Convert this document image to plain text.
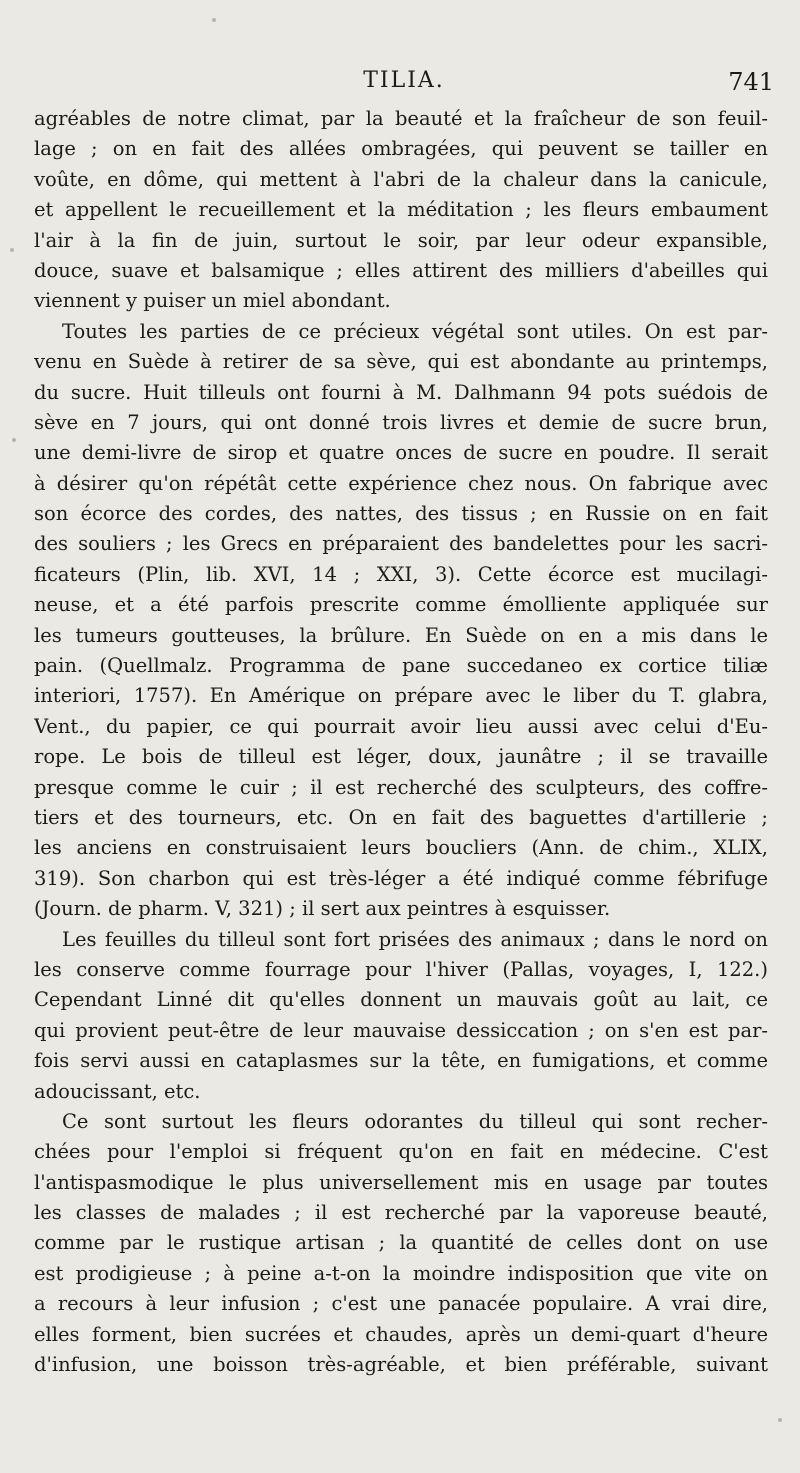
TILIA.	741
agréables de notre climat, par la beauté et la fraîcheur de son feuil-
lage ; on en fait des allées ombragées, qui peuvent se tailler en
voûte, en dôme, qui mettent à l'abri de la chaleur dans la canicule,
et appellent le recueillement et la méditation ; les fleurs embaument
l'air à la fin de juin, surtout le soir, par leur odeur expansible,
douce, suave et balsamique ; elles attirent des milliers d'abeilles qui
viennent y puiser un miel abondant.
Toutes les parties de ce précieux végétal sont utiles. On est par-
venu en Suède à retirer de sa sève, qui est abondante au printemps,
du sucre. Huit tilleuls ont fourni à M. Dalhmann 94 pots suédois de
sève en 7 jours, qui ont donné trois livres et demie de sucre brun,
une demi-livre de sirop et quatre onces de sucre en poudre. Il serait
à désirer qu'on répétât cette expérience chez nous. On fabrique avec
son écorce des cordes, des nattes, des tissus ; en Russie on en fait
des souliers ; les Grecs en préparaient des bandelettes pour les sacri-
ficateurs (Plin, lib. XVI, 14 ; XXI, 3). Cette écorce est mucilagi-
neuse, et a été parfois prescrite comme émolliente appliquée sur
les tumeurs goutteuses, la brûlure. En Suède on en a mis dans le
pain. (Quellmalz. Programma de pane succedaneo ex cortice tiliæ
interiori, 1757). En Amérique on prépare avec le liber du T. glabra,
Vent., du papier, ce qui pourrait avoir lieu aussi avec celui d'Eu-
rope. Le bois de tilleul est léger, doux, jaunâtre ; il se travaille
presque comme le cuir ; il est recherché des sculpteurs, des coffre-
tiers et des tourneurs, etc. On en fait des baguettes d'artillerie ;
les anciens en construisaient leurs boucliers (Ann. de chim., XLIX,
319). Son charbon qui est très-léger a été indiqué comme fébrifuge
(Journ. de pharm. V, 321) ; il sert aux peintres à esquisser.
Les feuilles du tilleul sont fort prisées des animaux ; dans le nord on
les conserve comme fourrage pour l'hiver (Pallas, voyages, I, 122.)
Cependant Linné dit qu'elles donnent un mauvais goût au lait, ce
qui provient peut-être de leur mauvaise dessiccation ; on s'en est par-
fois servi aussi en cataplasmes sur la tête, en fumigations, et comme
adoucissant, etc.
Ce sont surtout les fleurs odorantes du tilleul qui sont recher-
chées pour l'emploi si fréquent qu'on en fait en médecine. C'est
l'antispasmodique le plus universellement mis en usage par toutes
les classes de malades ; il est recherché par la vaporeuse beauté,
comme par le rustique artisan ; la quantité de celles dont on use
est prodigieuse ; à peine a-t-on la moindre indisposition que vite on
a recours à leur infusion ; c'est une panacée populaire. A vrai dire,
elles forment, bien sucrées et chaudes, après un demi-quart d'heure
d'infusion, une boisson très-agréable, et bien préférable, suivant
